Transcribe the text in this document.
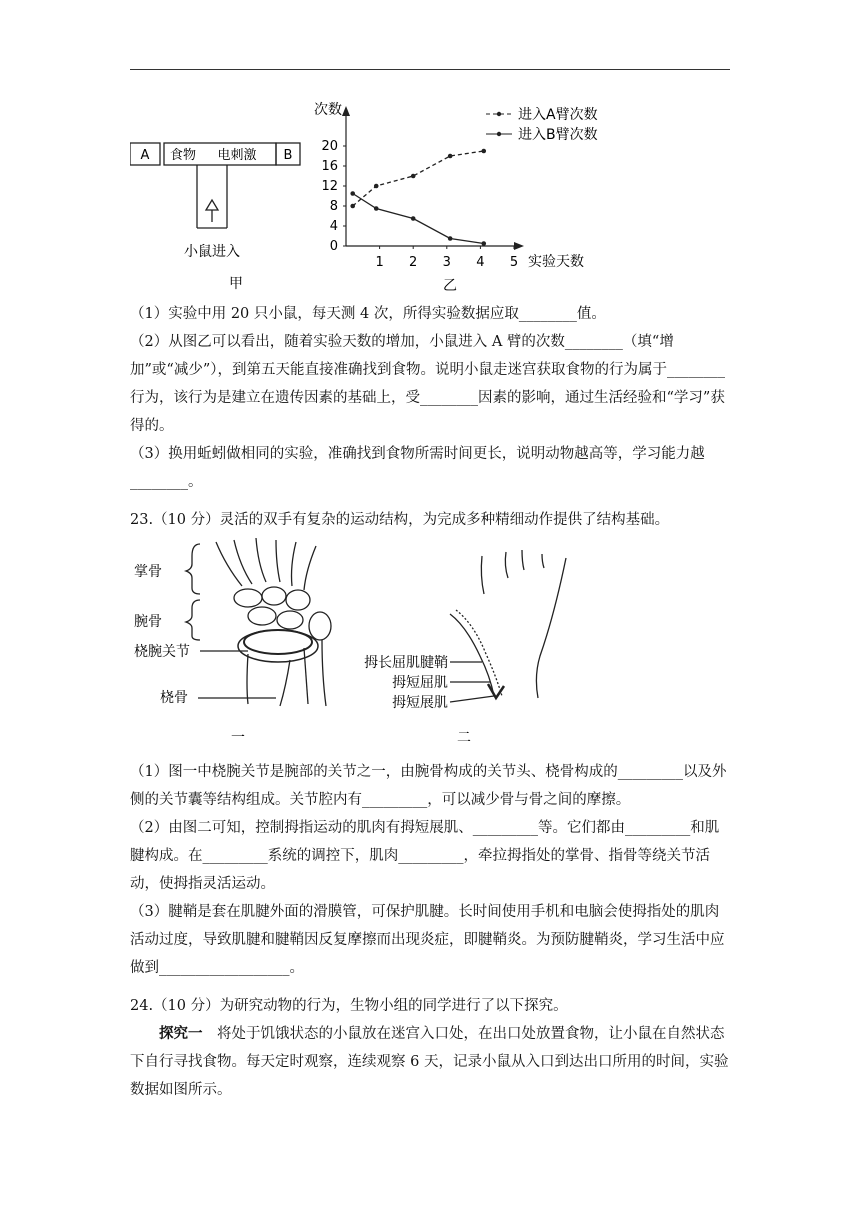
A 食物 电刺激 B
小鼠进入
甲
次数
实验天数
乙
0
4
8
12
16
20
1 2 3 4 5
进入A臂次数
进入B臂次数

（1）实验中用 20 只小鼠，每天测 4 次，所得实验数据应取________值。

（2）从图乙可以看出，随着实验天数的增加，小鼠进入 A 臂的次数________（填“增加”或“减少”），到第五天能直接准确找到食物。说明小鼠走迷宫获取食物的行为属于________行为，该行为是建立在遗传因素的基础上，受________因素的影响，通过生活经验和“学习”获得的。

（3）换用蚯蚓做相同的实验，准确找到食物所需时间更长，说明动物越高等，学习能力越________。

23.（10 分）灵活的双手有复杂的运动结构，为完成多种精细动作提供了结构基础。
掌骨
腕骨
桡腕关节
桡骨
一
拇长屈肌腱鞘
拇短屈肌
拇短展肌
二

（1）图一中桡腕关节是腕部的关节之一，由腕骨构成的关节头、桡骨构成的_________以及外侧的关节囊等结构组成。关节腔内有_________，可以减少骨与骨之间的摩擦。

（2）由图二可知，控制拇指运动的肌肉有拇短展肌、_________等。它们都由_________和肌腱构成。在_________系统的调控下，肌肉_________，牵拉拇指处的掌骨、指骨等绕关节活动，使拇指灵活运动。

（3）腱鞘是套在肌腱外面的滑膜管，可保护肌腱。长时间使用手机和电脑会使拇指处的肌肉活动过度，导致肌腱和腱鞘因反复摩擦而出现炎症，即腱鞘炎。为预防腱鞘炎，学习生活中应做到__________________。

24.（10 分）为研究动物的行为，生物小组的同学进行了以下探究。

探究一　将处于饥饿状态的小鼠放在迷宫入口处，在出口处放置食物，让小鼠在自然状态下自行寻找食物。每天定时观察，连续观察 6 天，记录小鼠从入口到达出口所用的时间，实验数据如图所示。
